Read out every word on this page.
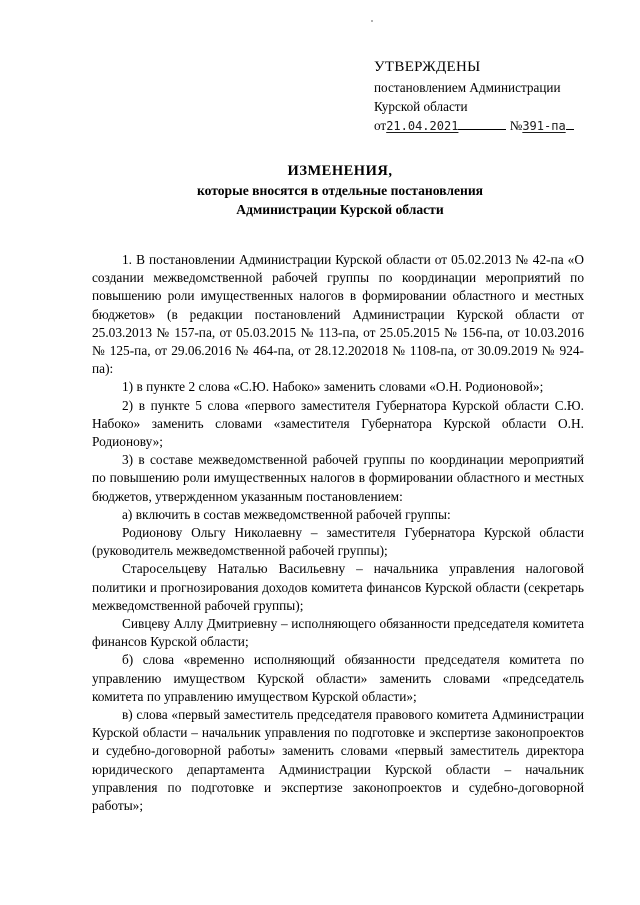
УТВЕРЖДЕНЫ
постановлением Администрации
Курской области
от21.04.2021	№391-па
ИЗМЕНЕНИЯ,
которые вносятся в отдельные постановления
Администрации Курской области

1. В постановлении Администрации Курской области от 05.02.2013 № 42-па «О создании межведомственной рабочей группы по координации мероприятий по повышению роли имущественных налогов в формировании областного и местных бюджетов» (в редакции постановлений Администрации Курской области от 25.03.2013 № 157-па, от 05.03.2015 № 113-па, от 25.05.2015 № 156-па, от 10.03.2016 № 125-па, от 29.06.2016 № 464-па, от 28.12.202018 № 1108-па, от 30.09.2019 № 924-па):

1) в пункте 2 слова «С.Ю. Набоко» заменить словами «О.Н. Родионовой»;

2) в пункте 5 слова «первого заместителя Губернатора Курской области С.Ю. Набоко» заменить словами «заместителя Губернатора Курской области О.Н. Родионову»;

3) в составе межведомственной рабочей группы по координации мероприятий по повышению роли имущественных налогов в формировании областного и местных бюджетов, утвержденном указанным постановлением:

а) включить в состав межведомственной рабочей группы:

Родионову Ольгу Николаевну – заместителя Губернатора Курской области (руководитель межведомственной рабочей группы);

Старосельцеву Наталью Васильевну – начальника управления налоговой политики и прогнозирования доходов комитета финансов Курской области (секретарь межведомственной рабочей группы);

Сивцеву Аллу Дмитриевну – исполняющего обязанности председателя комитета финансов Курской области;

б) слова «временно исполняющий обязанности председателя комитета по управлению имуществом Курской области» заменить словами «председатель комитета по управлению имуществом Курской области»;

в) слова «первый заместитель председателя правового комитета Администрации Курской области – начальник управления по подготовке и экспертизе законопроектов и судебно-договорной работы» заменить словами «первый заместитель директора юридического департамента Администрации Курской области – начальник управления по подготовке и экспертизе законопроектов и судебно-договорной работы»;
